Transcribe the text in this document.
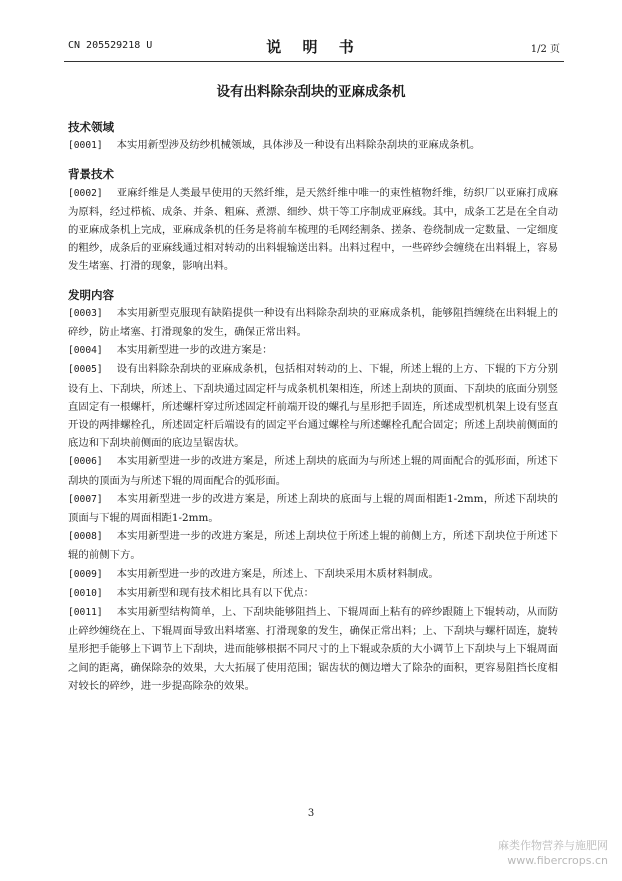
CN 205529218 U	说 明 书	1/2 页
设有出料除杂刮块的亚麻成条机

技术领域

[0001] 本实用新型涉及纺纱机械领域，具体涉及一种设有出料除杂刮块的亚麻成条机。

背景技术

[0002] 亚麻纤维是人类最早使用的天然纤维，是天然纤维中唯一的束性植物纤维，纺织厂以亚麻打成麻为原料，经过栉梳、成条、并条、粗麻、煮漂、细纱、烘干等工序制成亚麻线。其中，成条工艺是在全自动的亚麻成条机上完成，亚麻成条机的任务是将前车梳理的毛网经割条、搓条、卷绕制成一定数量、一定细度的粗纱，成条后的亚麻线通过相对转动的出料辊输送出料。出料过程中，一些碎纱会缠绕在出料辊上，容易发生堵塞、打滑的现象，影响出料。

发明内容

[0003] 本实用新型克服现有缺陷提供一种设有出料除杂刮块的亚麻成条机，能够阻挡缠绕在出料辊上的碎纱，防止堵塞、打滑现象的发生，确保正常出料。

[0004] 本实用新型进一步的改进方案是：

[0005] 设有出料除杂刮块的亚麻成条机，包括相对转动的上、下辊，所述上辊的上方、下辊的下方分别设有上、下刮块，所述上、下刮块通过固定杆与成条机机架相连，所述上刮块的顶面、下刮块的底面分别竖直固定有一根螺杆，所述螺杆穿过所述固定杆前端开设的螺孔与星形把手固连，所述成型机机架上设有竖直开设的两排螺栓孔，所述固定杆后端设有的固定平台通过螺栓与所述螺栓孔配合固定；所述上刮块前侧面的底边和下刮块前侧面的底边呈锯齿状。

[0006] 本实用新型进一步的改进方案是，所述上刮块的底面为与所述上辊的周面配合的弧形面，所述下刮块的顶面为与所述下辊的周面配合的弧形面。

[0007] 本实用新型进一步的改进方案是，所述上刮块的底面与上辊的周面相距1-2mm，所述下刮块的顶面与下辊的周面相距1-2mm。

[0008] 本实用新型进一步的改进方案是，所述上刮块位于所述上辊的前侧上方，所述下刮块位于所述下辊的前侧下方。

[0009] 本实用新型进一步的改进方案是，所述上、下刮块采用木质材料制成。

[0010] 本实用新型和现有技术相比具有以下优点：

[0011] 本实用新型结构简单，上、下刮块能够阻挡上、下辊周面上粘有的碎纱跟随上下辊转动，从而防止碎纱缠绕在上、下辊周面导致出料堵塞、打滑现象的发生，确保正常出料；上、下刮块与螺杆固连，旋转星形把手能够上下调节上下刮块，进而能够根据不同尺寸的上下辊或杂质的大小调节上下刮块与上下辊周面之间的距离，确保除杂的效果，大大拓展了使用范围；锯齿状的侧边增大了除杂的面积，更容易阻挡长度相对较长的碎纱，进一步提高除杂的效果。

3
麻类作物营养与施肥网
www.fibercrops.cn
